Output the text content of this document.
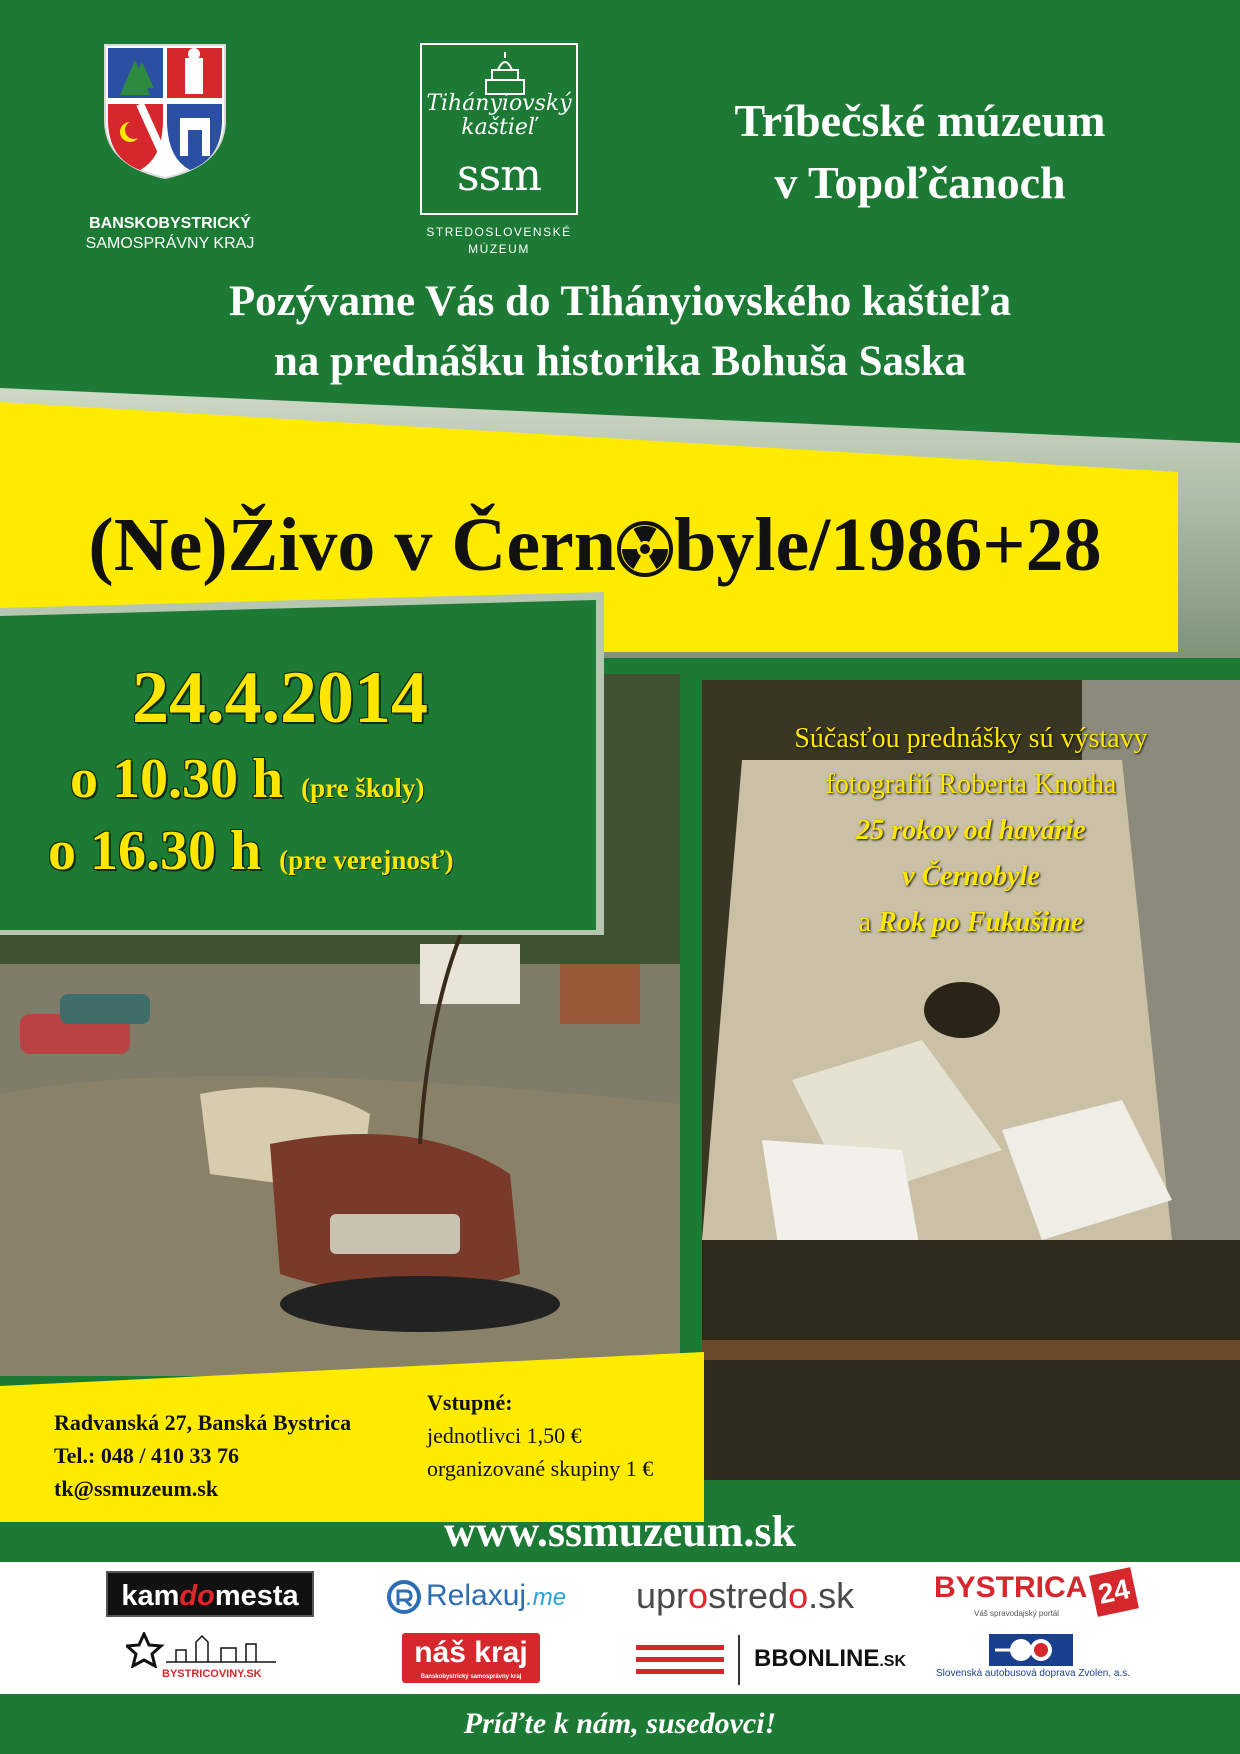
BANSKOBYSTRICKÝ
SAMOSPRÁVNY KRAJ
Tihányiovský
kaštieľ
ssm
STREDOSLOVENSKÉ
MÚZEUM
Tríbečské múzeum
v Topoľčanoch
Pozývame Vás do Tihányiovského kaštieľa
na prednášku historika Bohuša Saska
(Ne)Živo v Čern byle/1986+28
Súčasťou prednášky sú výstavy
fotografií Roberta Knotha
25 rokov od havárie
v Černobyle
a Rok po Fukušime
24.4.2014
o 10.30 h (pre školy)
o 16.30 h (pre verejnosť)
Radvanská 27, Banská Bystrica
Tel.: 048 / 410 33 76
tk@ssmuzeum.sk
Vstupné:
jednotlivci 1,50 €
organizované skupiny 1 €
www.ssmuzeum.sk
kamdomesta	Relaxuj.me uprostredo.sk	BYSTRICA 24
Váš spravodajský portál
BYSTRICOVINY.SK
náš kraj
Banskobystrický samosprávny kraj
BBONLINE.SK
Slovenská autobusová doprava Zvolen, a.s.
Príďte k nám, susedovci!
